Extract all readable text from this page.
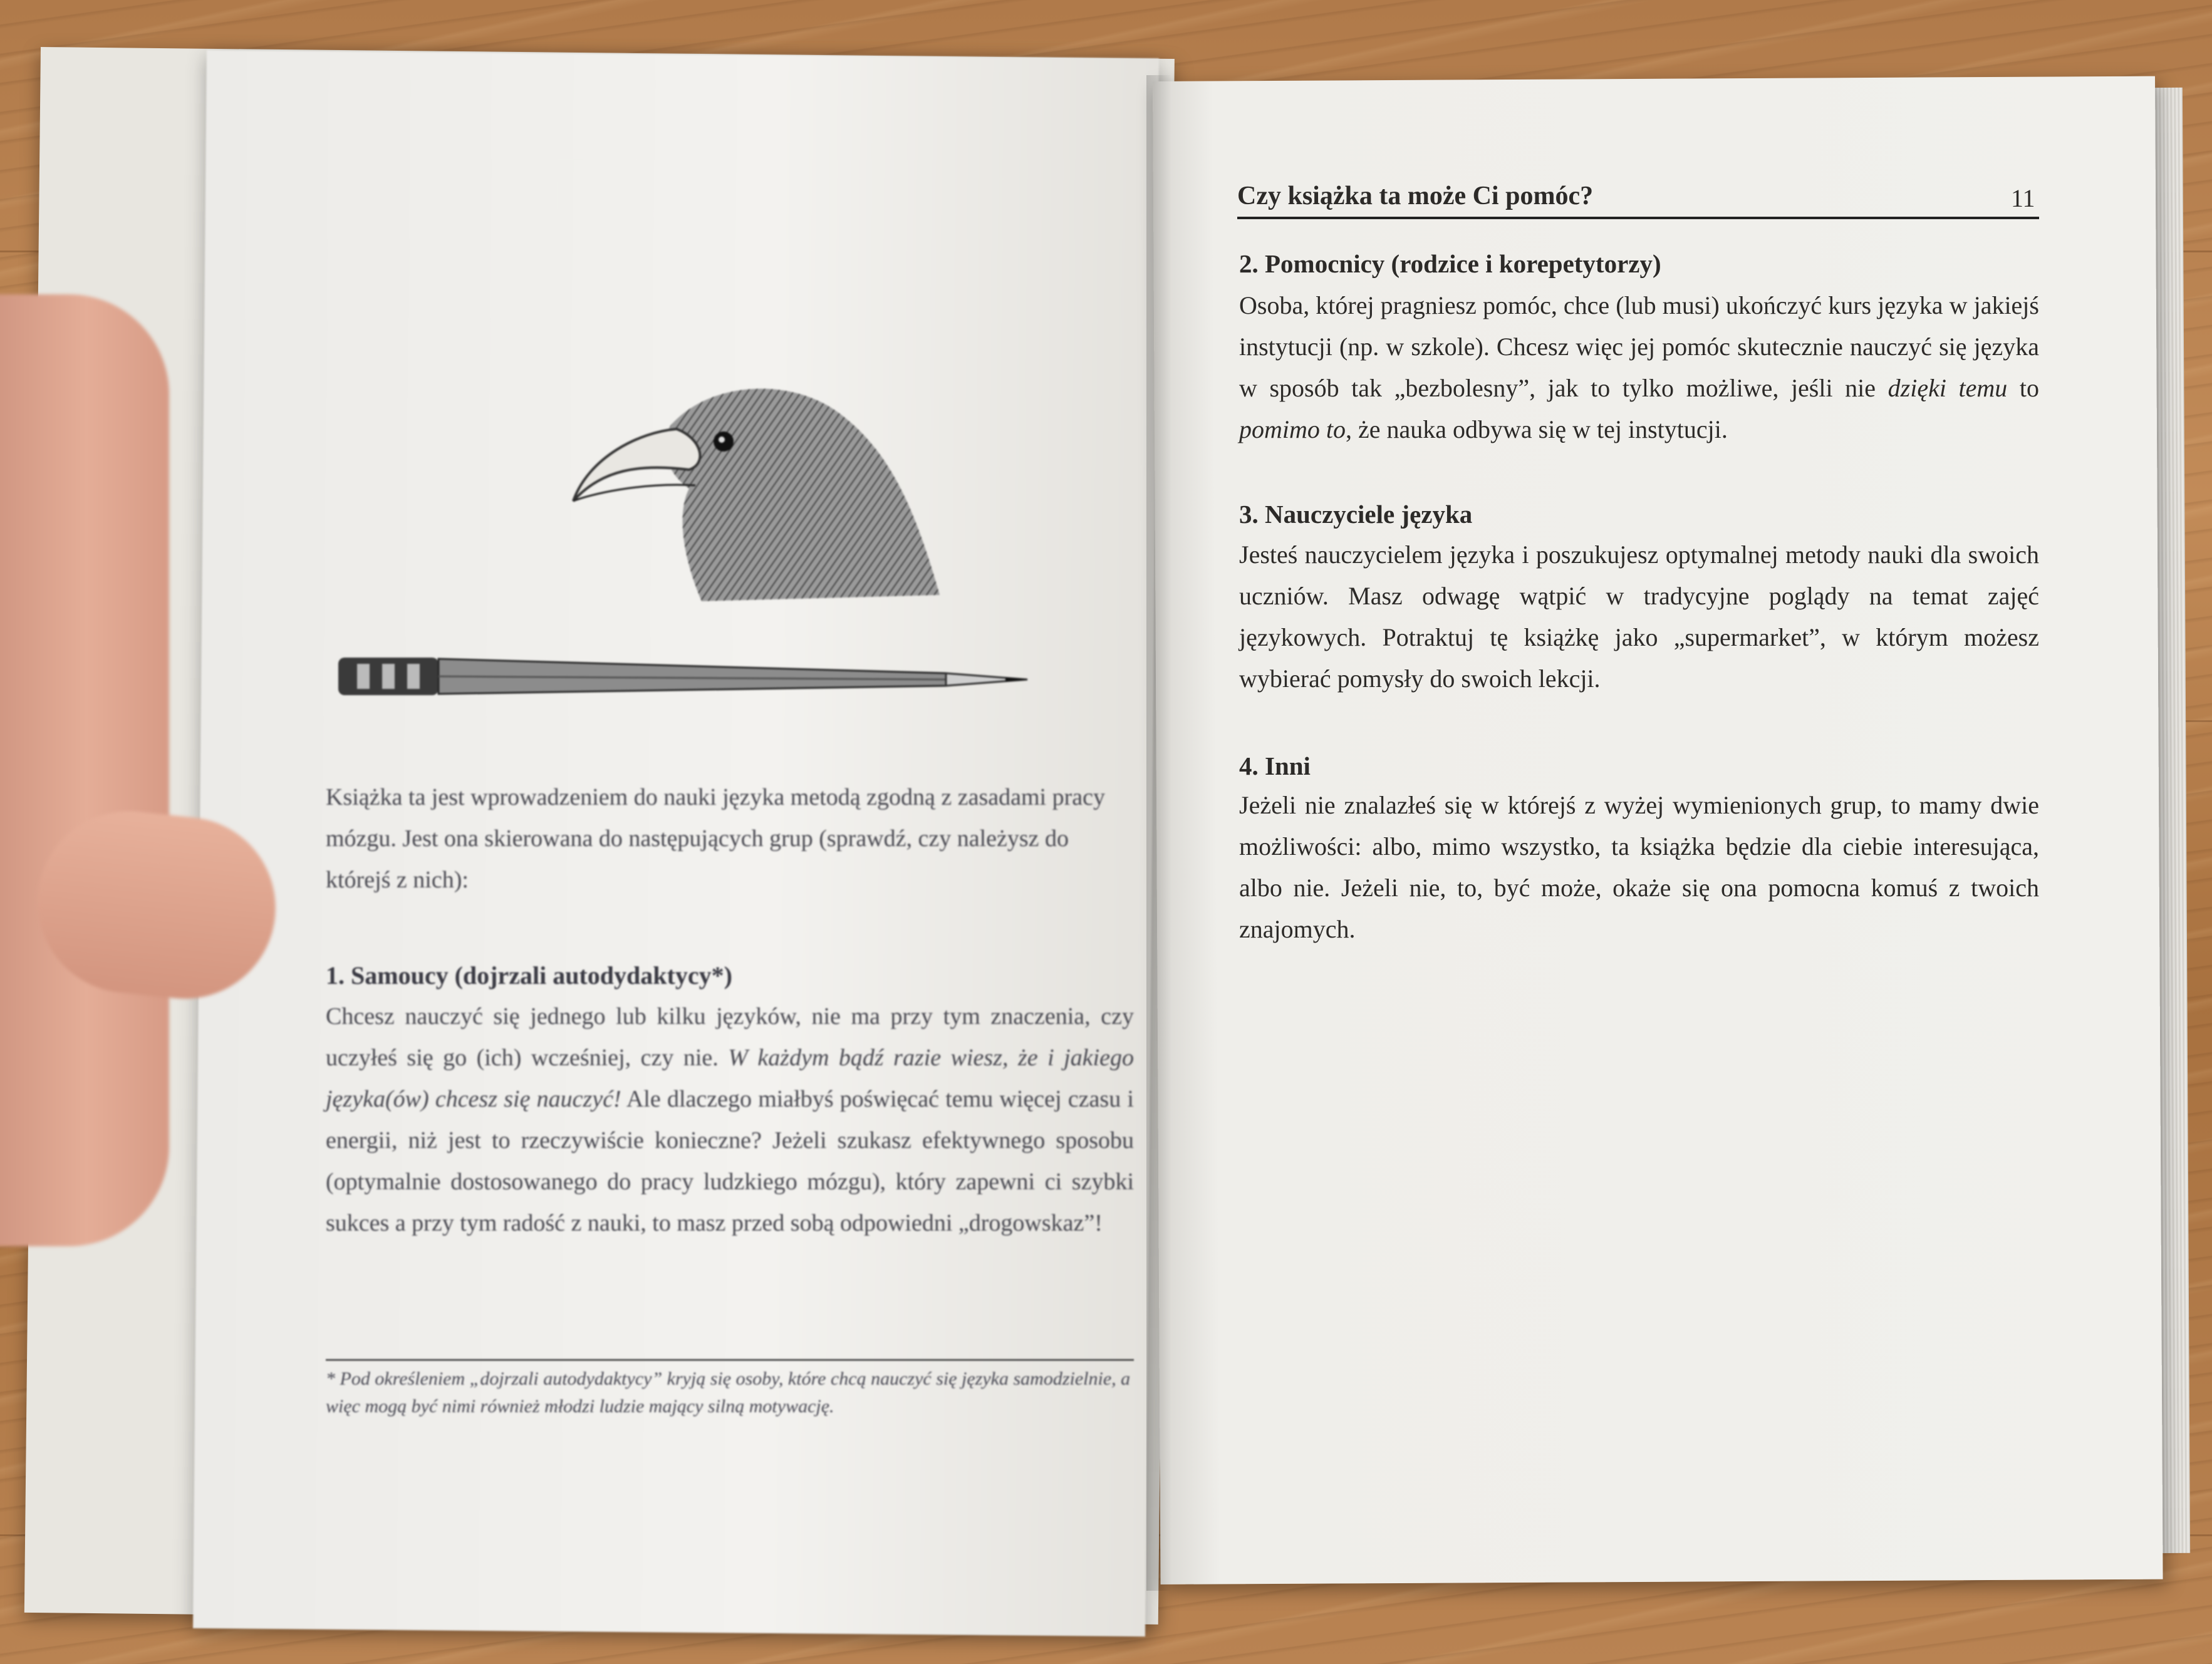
Książka ta jest wprowadzeniem do nauki języka metodą zgodną z zasadami pracy mózgu. Jest ona skierowana do następujących grup (sprawdź, czy należysz do którejś z nich):
1. Samoucy (dojrzali autodydaktycy*)
Chcesz nauczyć się jednego lub kilku języków, nie ma przy tym znaczenia, czy uczyłeś się go (ich) wcześniej, czy nie. W każdym bądź razie wiesz, że i jakiego języka(ów) chcesz się nauczyć! Ale dlaczego miałbyś poświęcać temu więcej czasu i energii, niż jest to rzeczywiście konieczne? Jeżeli szukasz efektywnego sposobu (optymalnie dostosowanego do pracy ludzkiego mózgu), który zapewni ci szybki sukces a przy tym radość z nauki, to masz przed sobą odpowiedni „drogowskaz”!
* Pod określeniem „dojrzali autodydaktycy” kryją się osoby, które chcą nauczyć się języka samodzielnie, a więc mogą być nimi również młodzi ludzie mający silną motywację.
Czy książka ta może Ci pomóc?	11
2. Pomocnicy (rodzice i korepetytorzy)
Osoba, której pragniesz pomóc, chce (lub musi) ukończyć kurs języka w jakiejś instytucji (np. w szkole). Chcesz więc jej pomóc skutecznie nauczyć się języka w sposób tak „bezbolesny”, jak to tylko możliwe, jeśli nie dzięki temu to pomimo to, że nauka odbywa się w tej instytucji.
3. Nauczyciele języka
Jesteś nauczycielem języka i poszukujesz optymalnej metody nauki dla swoich uczniów. Masz odwagę wątpić w tradycyjne poglądy na temat zajęć językowych. Potraktuj tę książkę jako „supermarket”, w którym możesz wybierać pomysły do swoich lekcji.
4. Inni
Jeżeli nie znalazłeś się w którejś z wyżej wymienionych grup, to mamy dwie możliwości: albo, mimo wszystko, ta książka będzie dla ciebie interesująca, albo nie. Jeżeli nie, to, być może, okaże się ona pomocna komuś z twoich znajomych.
